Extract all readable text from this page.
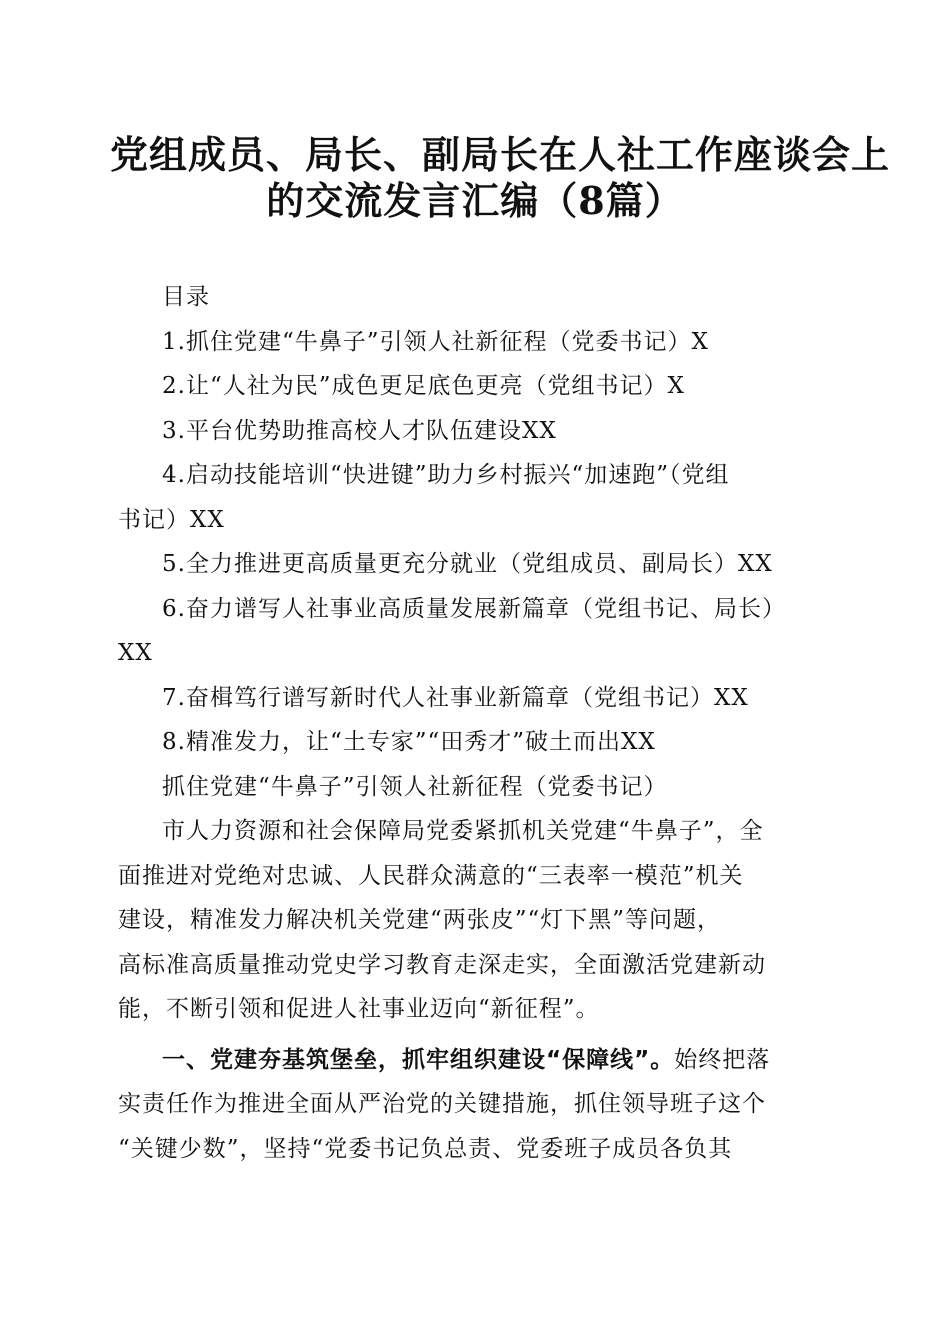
党组成员、局长、副局长在人社工作座谈会上
的交流发言汇编（8篇）

目录

1.抓住党建“牛鼻子”引领人社新征程（党委书记）X

2.让“人社为民”成色更足底色更亮（党组书记）X

3.平台优势助推高校人才队伍建设XX

4.启动技能培训“快进键”助力乡村振兴“加速跑”（党组

书记）XX

5.全力推进更高质量更充分就业（党组成员、副局长）XX

6.奋力谱写人社事业高质量发展新篇章（党组书记、局长）

XX

7.奋楫笃行谱写新时代人社事业新篇章（党组书记）XX

8.精准发力，让“土专家”“田秀才”破土而出XX

抓住党建“牛鼻子”引领人社新征程（党委书记）

市人力资源和社会保障局党委紧抓机关党建“牛鼻子”，全

面推进对党绝对忠诚、人民群众满意的“三表率一模范”机关

建设，精准发力解决机关党建“两张皮”“灯下黑”等问题，

高标准高质量推动党史学习教育走深走实，全面激活党建新动

能，不断引领和促进人社事业迈向“新征程”。

一、党建夯基筑堡垒，抓牢组织建设“保障线”。始终把落

实责任作为推进全面从严治党的关键措施，抓住领导班子这个

“关键少数”，坚持“党委书记负总责、党委班子成员各负其
